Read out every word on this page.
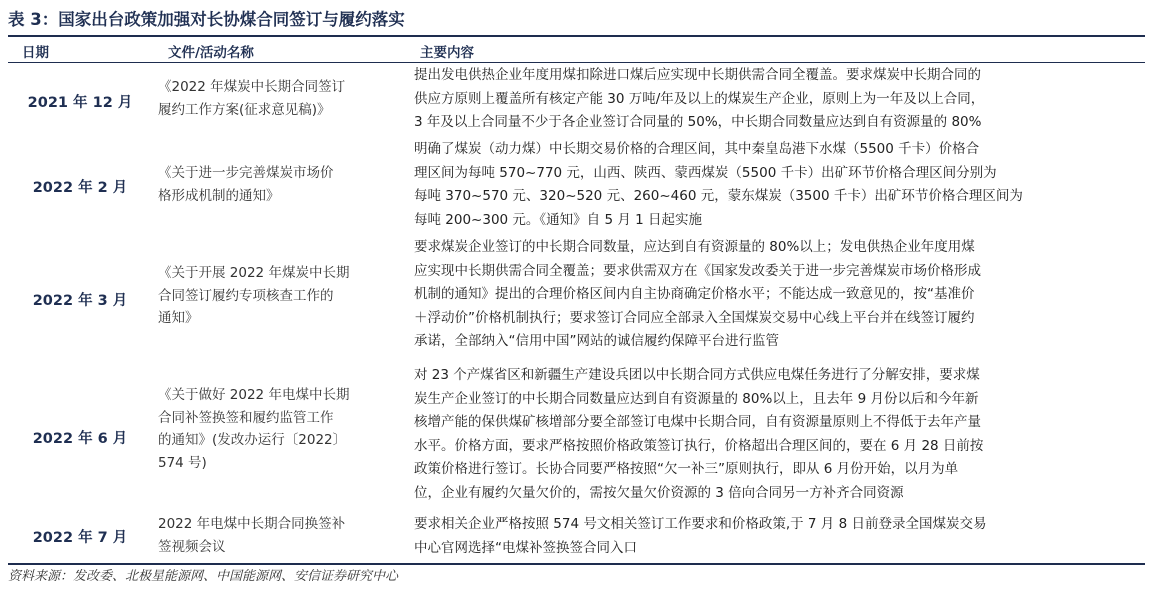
表 3：国家出台政策加强对长协煤合同签订与履约落实
日期	文件/活动名称	主要内容
2021 年 12 月
《2022 年煤炭中长期合同签订
履约工作方案(征求意见稿)》
提出发电供热企业年度用煤扣除进口煤后应实现中长期供需合同全覆盖。要求煤炭中长期合同的
供应方原则上覆盖所有核定产能 30 万吨/年及以上的煤炭生产企业，原则上为一年及以上合同，
3 年及以上合同量不少于各企业签订合同量的 50%，中长期合同数量应达到自有资源量的 80%
2022 年 2 月
《关于进一步完善煤炭市场价
格形成机制的通知》
明确了煤炭（动力煤）中长期交易价格的合理区间，其中秦皇岛港下水煤（5500 千卡）价格合
理区间为每吨 570~770 元，山西、陕西、蒙西煤炭（5500 千卡）出矿环节价格合理区间分别为
每吨 370~570 元、320~520 元、260~460 元，蒙东煤炭（3500 千卡）出矿环节价格合理区间为
每吨 200~300 元。《通知》自 5 月 1 日起实施
2022 年 3 月
《关于开展 2022 年煤炭中长期
合同签订履约专项核查工作的
通知》
要求煤炭企业签订的中长期合同数量，应达到自有资源量的 80%以上；发电供热企业年度用煤
应实现中长期供需合同全覆盖；要求供需双方在《国家发改委关于进一步完善煤炭市场价格形成
机制的通知》提出的合理价格区间内自主协商确定价格水平；不能达成一致意见的，按“基准价
＋浮动价”价格机制执行；要求签订合同应全部录入全国煤炭交易中心线上平台并在线签订履约
承诺，全部纳入“信用中国”网站的诚信履约保障平台进行监管
2022 年 6 月
《关于做好 2022 年电煤中长期
合同补签换签和履约监管工作
的通知》(发改办运行〔2022〕
574 号)
对 23 个产煤省区和新疆生产建设兵团以中长期合同方式供应电煤任务进行了分解安排，要求煤
炭生产企业签订的中长期合同数量应达到自有资源量的 80%以上，且去年 9 月份以后和今年新
核增产能的保供煤矿核增部分要全部签订电煤中长期合同，自有资源量原则上不得低于去年产量
水平。价格方面，要求严格按照价格政策签订执行，价格超出合理区间的，要在 6 月 28 日前按
政策价格进行签订。长协合同要严格按照“欠一补三”原则执行，即从 6 月份开始，以月为单
位，企业有履约欠量欠价的，需按欠量欠价资源的 3 倍向合同另一方补齐合同资源
2022 年 7 月
2022 年电煤中长期合同换签补
签视频会议
要求相关企业严格按照 574 号文相关签订工作要求和价格政策,于 7 月 8 日前登录全国煤炭交易
中心官网选择“电煤补签换签合同入口
资料来源：发改委、北极星能源网、中国能源网、安信证券研究中心
